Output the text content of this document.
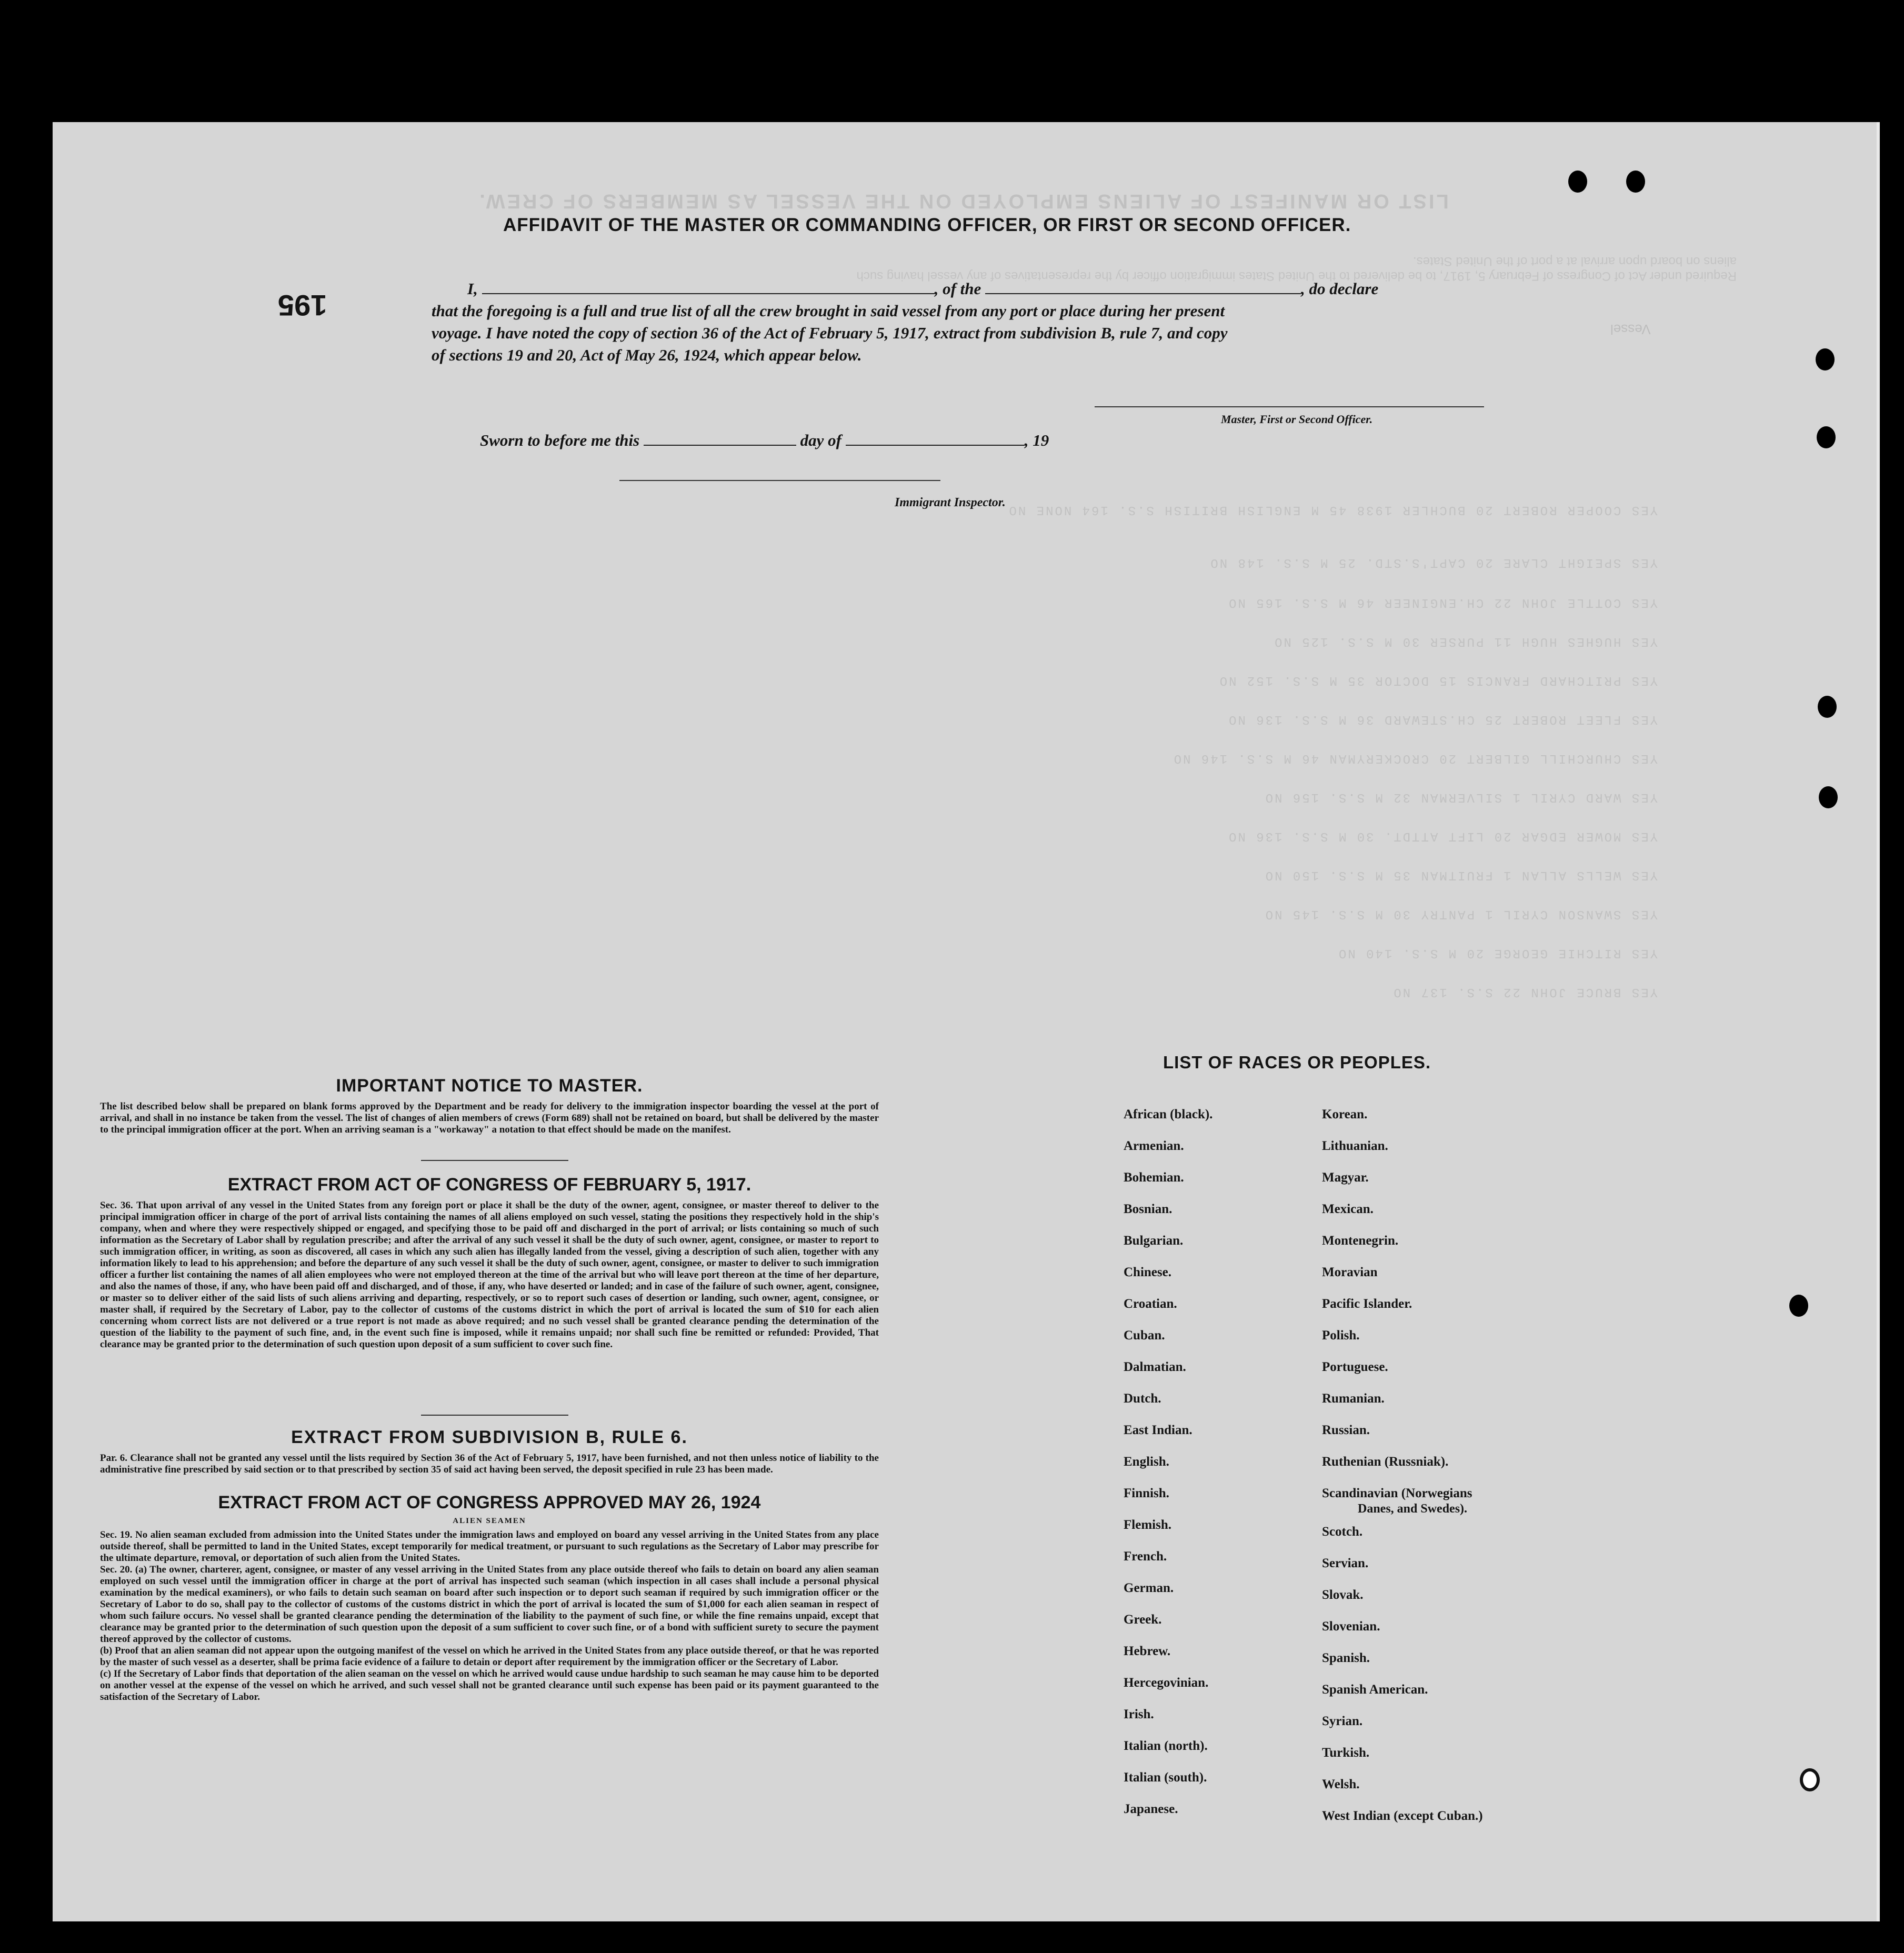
LIST OR MANIFEST OF ALIENS EMPLOYED ON THE VESSEL AS MEMBERS OF CREW.
Required under Act of Congress of February 5, 1917, to be delivered to the United States immigration officer by the representatives of any vessel having such
aliens on board upon arrival at a port of the United States.
Vessel
YES COOPER ROBERT 20 BUCHLER 1938 45 M ENGLISH BRITISH S.S. 164 NONE NO
YES SPEIGHT CLARE 20 CAPT'S.STD. 25 M S.S. 148 NO
YES COTTLE JOHN 22 CH.ENGINEER 46 M S.S. 165 NO
YES HUGHES HUGH 11 PURSER 30 M S.S. 125 NO
YES PRITCHARD FRANCIS 15 DOCTOR 35 M S.S. 152 NO
YES FLEET ROBERT 25 CH.STEWARD 36 M S.S. 136 NO
YES CHURCHILL GILBERT 20 CROCKERYMAN 46 M S.S. 146 NO
YES WARD CYRIL 1 SILVERMAN 32 M S.S. 156 NO
YES MOWER EDGAR 20 LIFT ATTDT. 30 M S.S. 136 NO
YES WELLS ALLAN 1 FRUITMAN 35 M S.S. 150 NO
YES SWANSON CYRIL 1 PANTRY 30 M S.S. 145 NO
YES RITCHIE GEORGE 20 M S.S. 140 NO
YES BRUCE JOHN 22 S.S. 137 NO
195
AFFIDAVIT OF THE MASTER OR COMMANDING OFFICER, OR FIRST OR SECOND OFFICER.
I,	, of the	, do declare
that the foregoing is a full and true list of all the crew brought in said vessel from any port or place during her present
voyage. I have noted the copy of section 36 of the Act of February 5, 1917, extract from subdivision B, rule 7, and copy
of sections 19 and 20, Act of May 26, 1924, which appear below.
Master, First or Second Officer.
Sworn to before me this	day of	, 19
Immigrant Inspector.
IMPORTANT NOTICE TO MASTER.
The list described below shall be prepared on blank forms approved by the Department and be ready for delivery to the immigration inspector boarding the vessel at the port of arrival, and shall in no instance be taken from the vessel. The list of changes of alien members of crews (Form 689) shall not be retained on board, but shall be delivered by the master to the principal immigration officer at the port. When an arriving seaman is a "workaway" a notation to that effect should be made on the manifest.
EXTRACT FROM ACT OF CONGRESS OF FEBRUARY 5, 1917.
Sec. 36. That upon arrival of any vessel in the United States from any foreign port or place it shall be the duty of the owner, agent, consignee, or master thereof to deliver to the principal immigration officer in charge of the port of arrival lists containing the names of all aliens employed on such vessel, stating the positions they respectively hold in the ship's company, when and where they were respectively shipped or engaged, and specifying those to be paid off and discharged in the port of arrival; or lists containing so much of such information as the Secretary of Labor shall by regulation prescribe; and after the arrival of any such vessel it shall be the duty of such owner, agent, consignee, or master to report to such immigration officer, in writing, as soon as discovered, all cases in which any such alien has illegally landed from the vessel, giving a description of such alien, together with any information likely to lead to his apprehension; and before the departure of any such vessel it shall be the duty of such owner, agent, consignee, or master to deliver to such immigration officer a further list containing the names of all alien employees who were not employed thereon at the time of the arrival but who will leave port thereon at the time of her departure, and also the names of those, if any, who have been paid off and discharged, and of those, if any, who have deserted or landed; and in case of the failure of such owner, agent, consignee, or master so to deliver either of the said lists of such aliens arriving and departing, respectively, or so to report such cases of desertion or landing, such owner, agent, consignee, or master shall, if required by the Secretary of Labor, pay to the collector of customs of the customs district in which the port of arrival is located the sum of $10 for each alien concerning whom correct lists are not delivered or a true report is not made as above required; and no such vessel shall be granted clearance pending the determination of the question of the liability to the payment of such fine, and, in the event such fine is imposed, while it remains unpaid; nor shall such fine be remitted or refunded: Provided, That clearance may be granted prior to the determination of such question upon deposit of a sum sufficient to cover such fine.
EXTRACT FROM SUBDIVISION B, RULE 6.
Par. 6. Clearance shall not be granted any vessel until the lists required by Section 36 of the Act of February 5, 1917, have been furnished, and not then unless notice of liability to the administrative fine prescribed by said section or to that prescribed by section 35 of said act having been served, the deposit specified in rule 23 has been made.
EXTRACT FROM ACT OF CONGRESS APPROVED MAY 26, 1924
ALIEN SEAMEN
Sec. 19. No alien seaman excluded from admission into the United States under the immigration laws and employed on board any vessel arriving in the United States from any place outside thereof, shall be permitted to land in the United States, except temporarily for medical treatment, or pursuant to such regulations as the Secretary of Labor may prescribe for the ultimate departure, removal, or deportation of such alien from the United States.
Sec. 20. (a) The owner, charterer, agent, consignee, or master of any vessel arriving in the United States from any place outside thereof who fails to detain on board any alien seaman employed on such vessel until the immigration officer in charge at the port of arrival has inspected such seaman (which inspection in all cases shall include a personal physical examination by the medical examiners), or who fails to detain such seaman on board after such inspection or to deport such seaman if required by such immigration officer or the Secretary of Labor to do so, shall pay to the collector of customs of the customs district in which the port of arrival is located the sum of $1,000 for each alien seaman in respect of whom such failure occurs. No vessel shall be granted clearance pending the determination of the liability to the payment of such fine, or while the fine remains unpaid, except that clearance may be granted prior to the determination of such question upon the deposit of a sum sufficient to cover such fine, or of a bond with sufficient surety to secure the payment thereof approved by the collector of customs.
(b) Proof that an alien seaman did not appear upon the outgoing manifest of the vessel on which he arrived in the United States from any place outside thereof, or that he was reported by the master of such vessel as a deserter, shall be prima facie evidence of a failure to detain or deport after requirement by the immigration officer or the Secretary of Labor.
(c) If the Secretary of Labor finds that deportation of the alien seaman on the vessel on which he arrived would cause undue hardship to such seaman he may cause him to be deported on another vessel at the expense of the vessel on which he arrived, and such vessel shall not be granted clearance until such expense has been paid or its payment guaranteed to the satisfaction of the Secretary of Labor.
LIST OF RACES OR PEOPLES.
African (black).
Armenian.
Bohemian.
Bosnian.
Bulgarian.
Chinese.
Croatian.
Cuban.
Dalmatian.
Dutch.
East Indian.
English.
Finnish.
Flemish.
French.
German.
Greek.
Hebrew.
Hercegovinian.
Irish.
Italian (north).
Italian (south).
Japanese.
Korean.
Lithuanian.
Magyar.
Mexican.
Montenegrin.
Moravian
Pacific Islander.
Polish.
Portuguese.
Rumanian.
Russian.
Ruthenian (Russniak).
Scandinavian (Norwegians
Danes, and Swedes).
Scotch.
Servian.
Slovak.
Slovenian.
Spanish.
Spanish American.
Syrian.
Turkish.
Welsh.
West Indian (except Cuban.)
